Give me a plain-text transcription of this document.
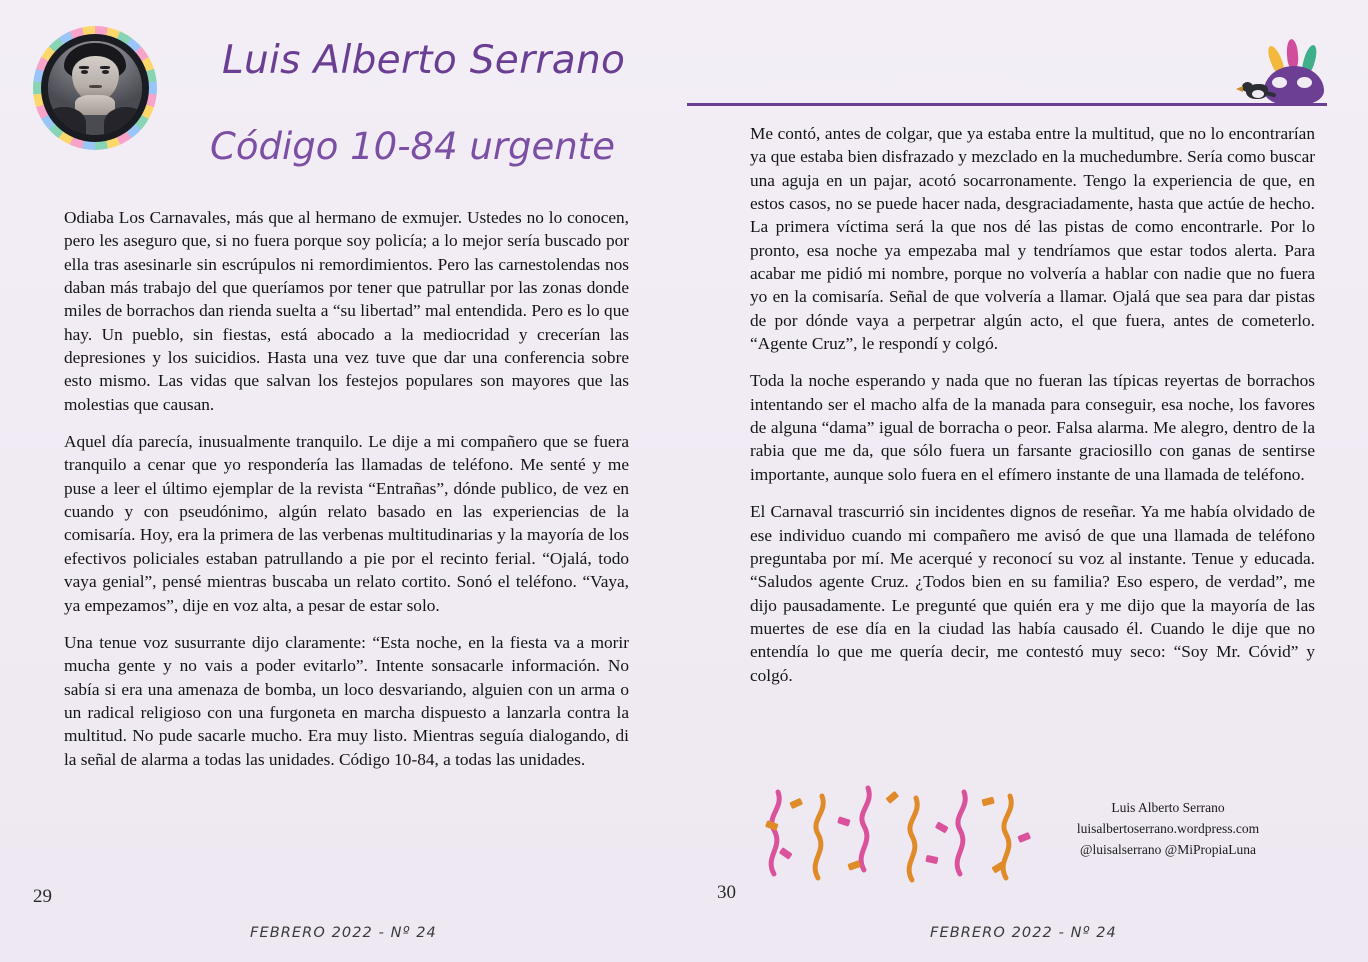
Luis Alberto Serrano
Código 10-84 urgente

Odiaba Los Carnavales, más que al hermano de exmujer. Ustedes no lo conocen, pero les aseguro que, si no fuera porque soy policía; a lo mejor sería buscado por ella tras asesinarle sin escrúpulos ni remordimientos. Pero las carnestolendas nos daban más trabajo del que queríamos por tener que patrullar por las zonas donde miles de borrachos dan rienda suelta a “su libertad” mal entendida. Pero es lo que hay. Un pueblo, sin fiestas, está abocado a la mediocridad y crecerían las depresiones y los suicidios. Hasta una vez tuve que dar una conferencia sobre esto mismo. Las vidas que salvan los festejos populares son mayores que las molestias que causan.

Aquel día parecía, inusualmente tranquilo. Le dije a mi compañero que se fuera tranquilo a cenar que yo respondería las llamadas de teléfono. Me senté y me puse a leer el último ejemplar de la revista “Entrañas”, dónde publico, de vez en cuando y con pseudónimo, algún relato basado en las experiencias de la comisaría. Hoy, era la primera de las verbenas multitudinarias y la mayoría de los efectivos policiales estaban patrullando a pie por el recinto ferial. “Ojalá, todo vaya genial”, pensé mientras buscaba un relato cortito. Sonó el teléfono. “Vaya, ya empezamos”, dije en voz alta, a pesar de estar solo.

Una tenue voz susurrante dijo claramente: “Esta noche, en la fiesta va a morir mucha gente y no vais a poder evitarlo”. Intente sonsacarle información. No sabía si era una amenaza de bomba, un loco desvariando, alguien con un arma o un radical religioso con una furgoneta en marcha dispuesto a lanzarla contra la multitud. No pude sacarle mucho. Era muy listo. Mientras seguía dialogando, di la señal de alarma a todas las unidades. Código 10-84, a todas las unidades.

Me contó, antes de colgar, que ya estaba entre la multitud, que no lo encontrarían ya que estaba bien disfrazado y mezclado en la muchedumbre. Sería como buscar una aguja en un pajar, acotó socarronamente. Tengo la experiencia de que, en estos casos, no se puede hacer nada, desgraciadamente, hasta que actúe de hecho. La primera víctima será la que nos dé las pistas de como encontrarle. Por lo pronto, esa noche ya empezaba mal y tendríamos que estar todos alerta. Para acabar me pidió mi nombre, porque no volvería a hablar con nadie que no fuera yo en la comisaría. Señal de que volvería a llamar. Ojalá que sea para dar pistas de por dónde vaya a perpetrar algún acto, el que fuera, antes de cometerlo. “Agente Cruz”, le respondí y colgó.

Toda la noche esperando y nada que no fueran las típicas reyertas de borrachos intentando ser el macho alfa de la manada para conseguir, esa noche, los favores de alguna “dama” igual de borracha o peor. Falsa alarma. Me alegro, dentro de la rabia que me da, que sólo fuera un farsante graciosillo con ganas de sentirse importante, aunque solo fuera en el efímero instante de una llamada de teléfono.

El Carnaval trascurrió sin incidentes dignos de reseñar. Ya me había olvidado de ese individuo cuando mi compañero me avisó de que una llamada de teléfono preguntaba por mí. Me acerqué y reconocí su voz al instante. Tenue y educada. “Saludos agente Cruz. ¿Todos bien en su familia? Eso espero, de verdad”, me dijo pausadamente. Le pregunté que quién era y me dijo que la mayoría de las muertes de ese día en la ciudad las había causado él. Cuando le dije que no entendía lo que me quería decir, me contestó muy seco: “Soy Mr. Cóvid” y colgó.

Luis Alberto Serrano
luisalbertoserrano.wordpress.com
@luisalserrano @MiPropiaLuna
29	30
FEBRERO 2022 - Nº 24	FEBRERO 2022 - Nº 24
